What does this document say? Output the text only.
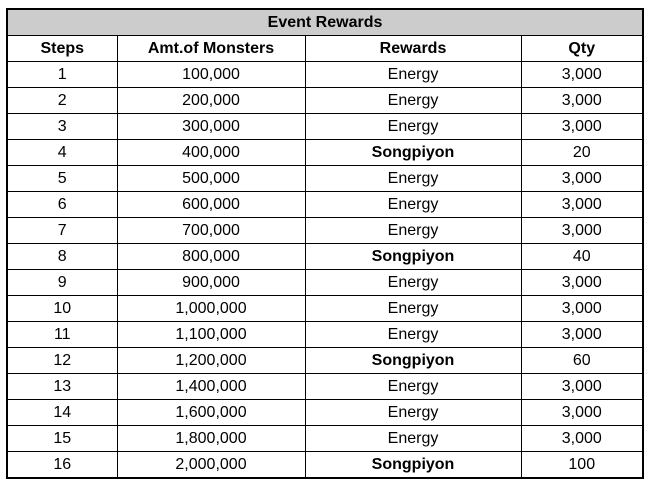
Event Rewards			
Steps	Amt.of Monsters	Rewards	Qty
1	100,000	Energy	3,000
2	200,000	Energy	3,000
3	300,000	Energy	3,000
4	400,000	Songpiyon	20
5	500,000	Energy	3,000
6	600,000	Energy	3,000
7	700,000	Energy	3,000
8	800,000	Songpiyon	40
9	900,000	Energy	3,000
10	1,000,000	Energy	3,000
11	1,100,000	Energy	3,000
12	1,200,000	Songpiyon	60
13	1,400,000	Energy	3,000
14	1,600,000	Energy	3,000
15	1,800,000	Energy	3,000
16	2,000,000	Songpiyon	100
